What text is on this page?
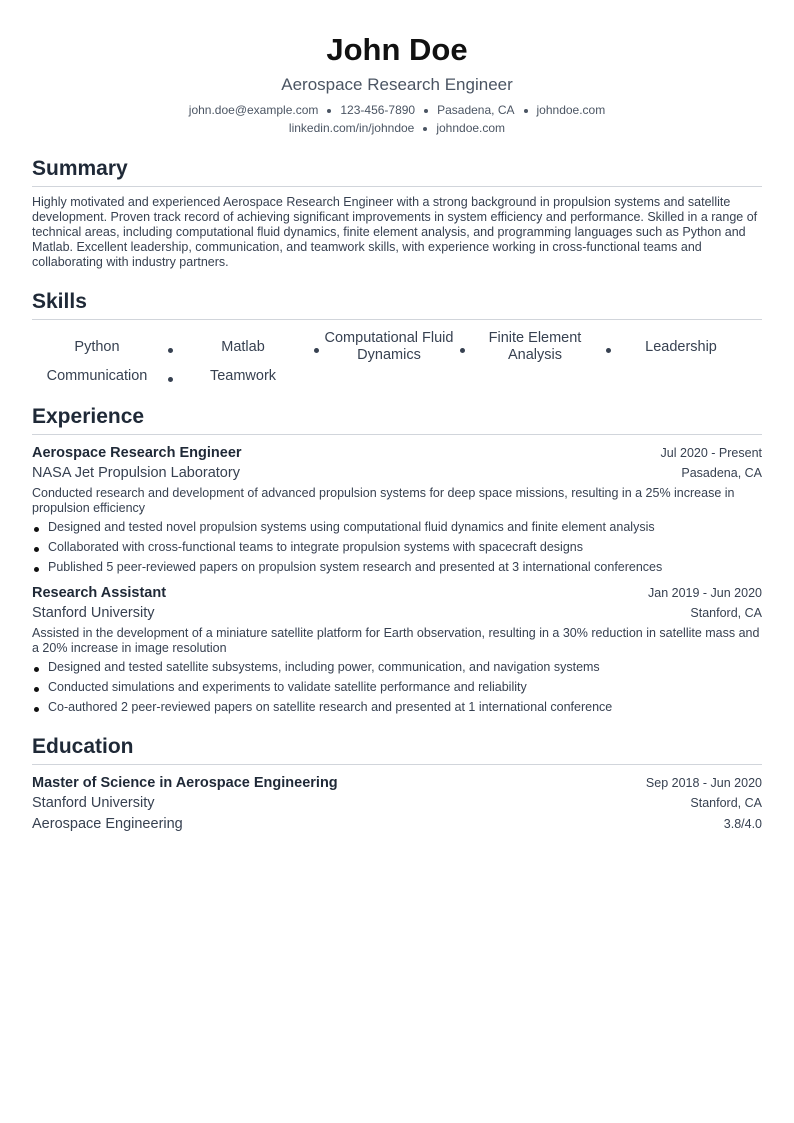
John Doe
Aerospace Research Engineer
john.doe@example.com 123-456-7890 Pasadena, CA johndoe.com
linkedin.com/in/johndoe johndoe.com
Summary
Highly motivated and experienced Aerospace Research Engineer with a strong background in propulsion systems and satellite development. Proven track record of achieving significant improvements in system efficiency and performance. Skilled in a range of technical areas, including computational fluid dynamics, finite element analysis, and programming languages such as Python and Matlab. Excellent leadership, communication, and teamwork skills, with experience working in cross-functional teams and collaborating with industry partners.
Skills
Python	Matlab
Computational Fluid Dynamics
Finite Element Analysis
Leadership
Communication	Teamwork
Experience
Aerospace Research Engineer	Jul 2020 - Present
NASA Jet Propulsion Laboratory	Pasadena, CA
Conducted research and development of advanced propulsion systems for deep space missions, resulting in a 25% increase in propulsion efficiency
Designed and tested novel propulsion systems using computational fluid dynamics and finite element analysis
Collaborated with cross-functional teams to integrate propulsion systems with spacecraft designs
Published 5 peer-reviewed papers on propulsion system research and presented at 3 international conferences
Research Assistant	Jan 2019 - Jun 2020
Stanford University	Stanford, CA
Assisted in the development of a miniature satellite platform for Earth observation, resulting in a 30% reduction in satellite mass and a 20% increase in image resolution
Designed and tested satellite subsystems, including power, communication, and navigation systems
Conducted simulations and experiments to validate satellite performance and reliability
Co-authored 2 peer-reviewed papers on satellite research and presented at 1 international conference
Education
Master of Science in Aerospace Engineering	Sep 2018 - Jun 2020
Stanford University	Stanford, CA
Aerospace Engineering	3.8/4.0
